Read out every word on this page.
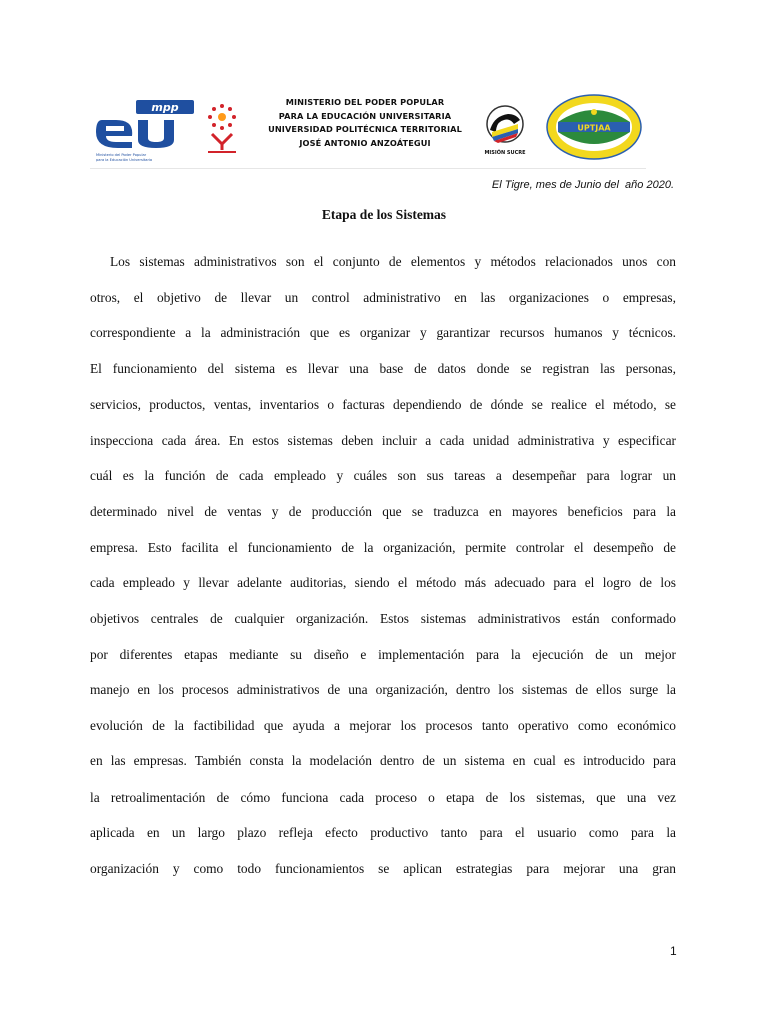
mpp
Ministerio del Poder Popular
para la Educación Universitaria
MINISTERIO DEL PODER POPULAR
PARA LA EDUCACIÓN UNIVERSITARIA
UNIVERSIDAD POLITÉCNICA TERRITORIAL
JOSÉ ANTONIO ANZOÁTEGUI
MISIÓN SUCRE
UPTJAA
El Tigre, mes de Junio del  año 2020.
Etapa de los Sistemas
Los sistemas administrativos son el conjunto de elementos y métodos relacionados unos con
otros, el objetivo de llevar un control administrativo en las organizaciones o empresas,
correspondiente a la administración que es organizar y garantizar recursos humanos y técnicos.
El funcionamiento del sistema es llevar una base de datos donde se registran las personas,
servicios, productos, ventas, inventarios o facturas dependiendo de dónde se realice el método, se
inspecciona cada área. En estos sistemas deben incluir a cada unidad administrativa y especificar
cuál es la función de cada empleado y cuáles son sus tareas a desempeñar para lograr un
determinado nivel de ventas y de producción que se traduzca en mayores beneficios para la
empresa. Esto facilita el funcionamiento de la organización, permite controlar el desempeño de
cada empleado y llevar adelante auditorias, siendo el método más adecuado para el logro de los
objetivos centrales de cualquier organización. Estos sistemas administrativos están conformado
por diferentes etapas mediante su diseño e implementación para la ejecución de un mejor
manejo en los procesos administrativos de una organización, dentro los sistemas de ellos surge la
evolución de la factibilidad que ayuda a mejorar los procesos tanto operativo como económico
en las empresas. También consta la modelación dentro de un sistema en cual es introducido para
la retroalimentación de cómo funciona cada proceso o etapa de los sistemas, que una vez
aplicada en un largo plazo refleja efecto productivo tanto para el usuario como para la
organización y como todo funcionamientos se aplican estrategias para mejorar una gran
1
